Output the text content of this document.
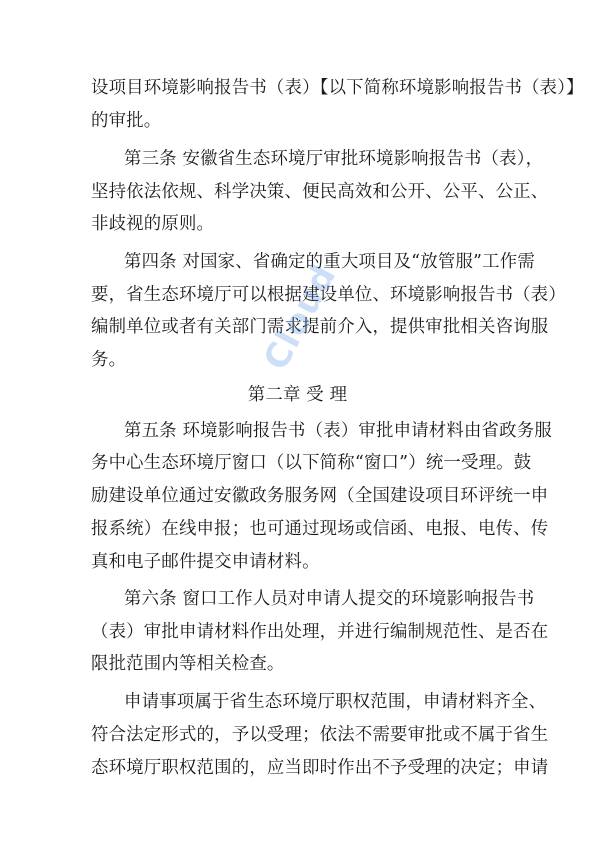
设项目环境影响报告书（表）【以下简称环境影响报告书（表）】
的审批。
第三条 安徽省生态环境厅审批环境影响报告书（表），
坚持依法依规、科学决策、便民高效和公开、公平、公正、
非歧视的原则。
第四条 对国家、省确定的重大项目及“放管服”工作需
要，省生态环境厅可以根据建设单位、环境影响报告书（表）
编制单位或者有关部门需求提前介入，提供审批相关咨询服
务。
第二章 受 理
第五条 环境影响报告书（表）审批申请材料由省政务服
务中心生态环境厅窗口（以下简称“窗口”）统一受理。鼓
励建设单位通过安徽政务服务网（全国建设项目环评统一申
报系统）在线申报；也可通过现场或信函、电报、电传、传
真和电子邮件提交申请材料。
第六条 窗口工作人员对申请人提交的环境影响报告书
（表）审批申请材料作出处理，并进行编制规范性、是否在
限批范围内等相关检查。
申请事项属于省生态环境厅职权范围，申请材料齐全、
符合法定形式的，予以受理；依法不需要审批或不属于省生
态环境厅职权范围的，应当即时作出不予受理的决定；申请
Cloud
